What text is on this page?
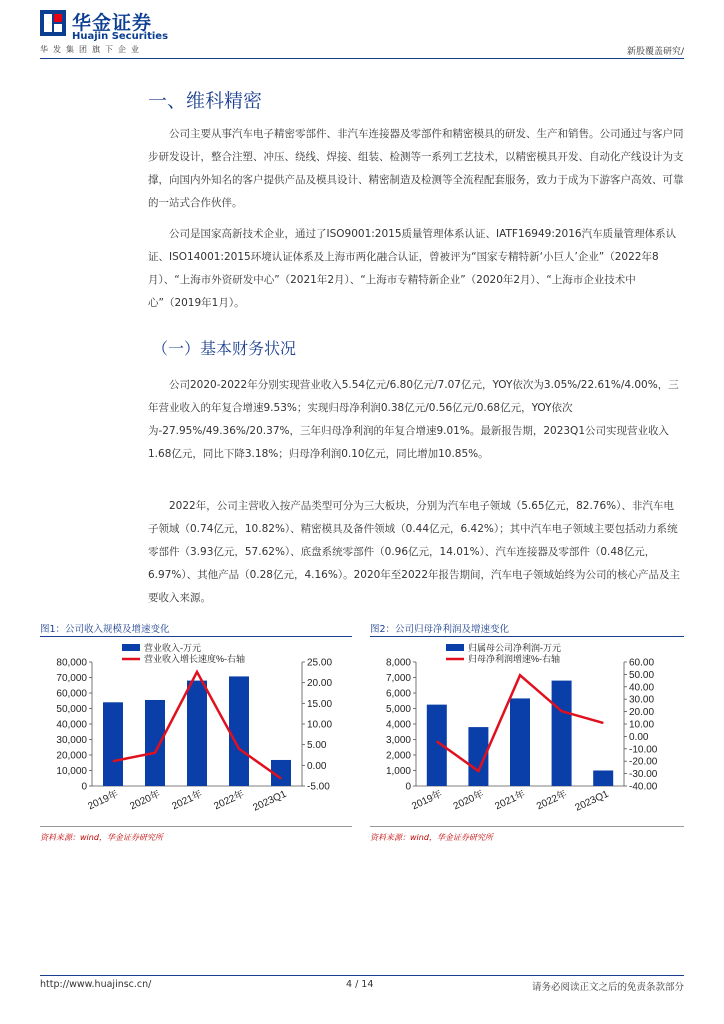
华金证券
Huajin Securities
华发集团旗下企业	新股覆盖研究/
一、维科精密

公司主要从事汽车电子精密零部件、非汽车连接器及零部件和精密模具的研发、生产和销售。公司通过与客户同步研发设计，整合注塑、冲压、绕线、焊接、组装、检测等一系列工艺技术，以精密模具开发、自动化产线设计为支撑，向国内外知名的客户提供产品及模具设计、精密制造及检测等全流程配套服务，致力于成为下游客户高效、可靠的一站式合作伙伴。

公司是国家高新技术企业，通过了ISO9001:2015质量管理体系认证、IATF16949:2016汽车质量管理体系认证、ISO14001:2015环境认证体系及上海市两化融合认证，曾被评为“国家专精特新‘小巨人’企业”（2022年8月）、“上海市外资研发中心”（2021年2月）、“上海市专精特新企业”（2020年2月）、“上海市企业技术中心”（2019年1月）。

（一）基本财务状况

公司2020-2022年分别实现营业收入5.54亿元/6.80亿元/7.07亿元，YOY依次为3.05%/22.61%/4.00%，三年营业收入的年复合增速9.53%；实现归母净利润0.38亿元/0.56亿元/0.68亿元，YOY依次为-27.95%/49.36%/20.37%，三年归母净利润的年复合增速9.01%。最新报告期，2023Q1公司实现营业收入1.68亿元，同比下降3.18%；归母净利润0.10亿元，同比增加10.85%。

2022年，公司主营收入按产品类型可分为三大板块，分别为汽车电子领域（5.65亿元，82.76%）、非汽车电子领域（0.74亿元，10.82%）、精密模具及备件领域（0.44亿元，6.42%）；其中汽车电子领域主要包括动力系统零部件（3.93亿元，57.62%）、底盘系统零部件（0.96亿元，14.01%）、汽车连接器及零部件（0.48亿元，6.97%）、其他产品（0.28亿元，4.16%）。2020年至2022年报告期间，汽车电子领域始终为公司的核心产品及主要收入来源。

图1：公司收入规模及增速变化	图2：公司归母净利润及增速变化
0
10,000
20,000
30,000
40,000
50,000
60,000
70,000
80,000
-5.00
0.00
5.00
10.00
15.00
20.00
25.00
2019年 2020年 2021年 2022年 2023Q1
营业收入-万元
营业收入增长速度%-右轴
0
1,000
2,000
3,000
4,000
5,000
6,000
7,000
8,000
-40.00
-30.00
-20.00
-10.00
0.00
10.00
20.00
30.00
40.00
50.00
60.00
2019年 2020年 2021年 2022年 2023Q1
归属母公司净利润-万元
归母净利润增速%-右轴
资料来源：wind，华金证券研究所	资料来源：wind，华金证券研究所
http://www.huajinsc.cn/	4 / 14	请务必阅读正文之后的免责条款部分
